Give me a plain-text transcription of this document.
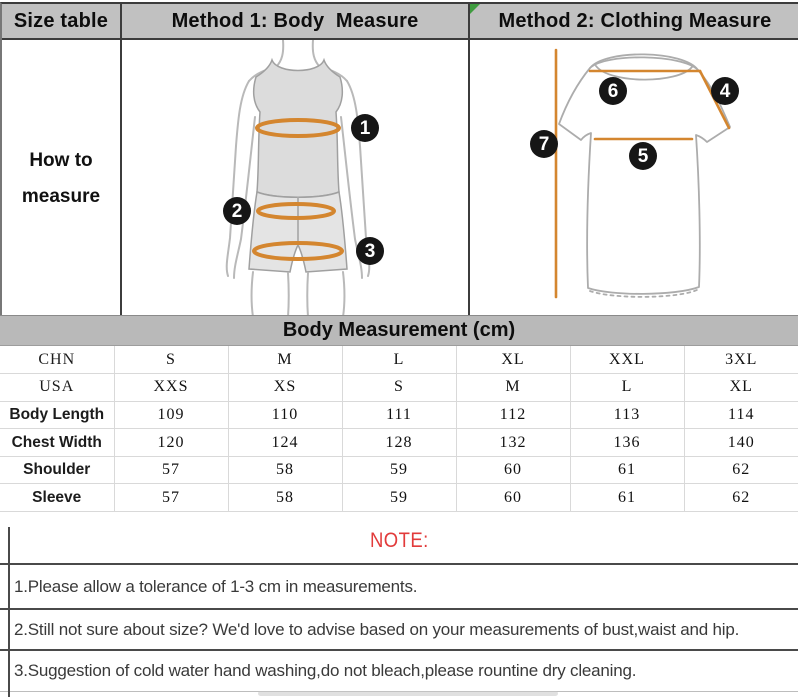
Size table	Method 1: Body  Measure	Method 2: Clothing Measure
How to measure
1
2
3
4
5
6
7
Body Measurement (cm)
CHN	S	M	L	XL	XXL	3XL
USA	XXS	XS	S	M	L	XL
Body Length	109	110	111	112	113	114
Chest Width	120	124	128	132	136	140
Shoulder	57	58	59	60	61	62
Sleeve	57	58	59	60	61	62
NOTE:
1.Please allow a tolerance of 1-3 cm in measurements.
2.Still not sure about size? We'd love to advise based on your measurements of bust,waist and hip.
3.Suggestion of cold water hand washing,do not bleach,please rountine dry cleaning.
